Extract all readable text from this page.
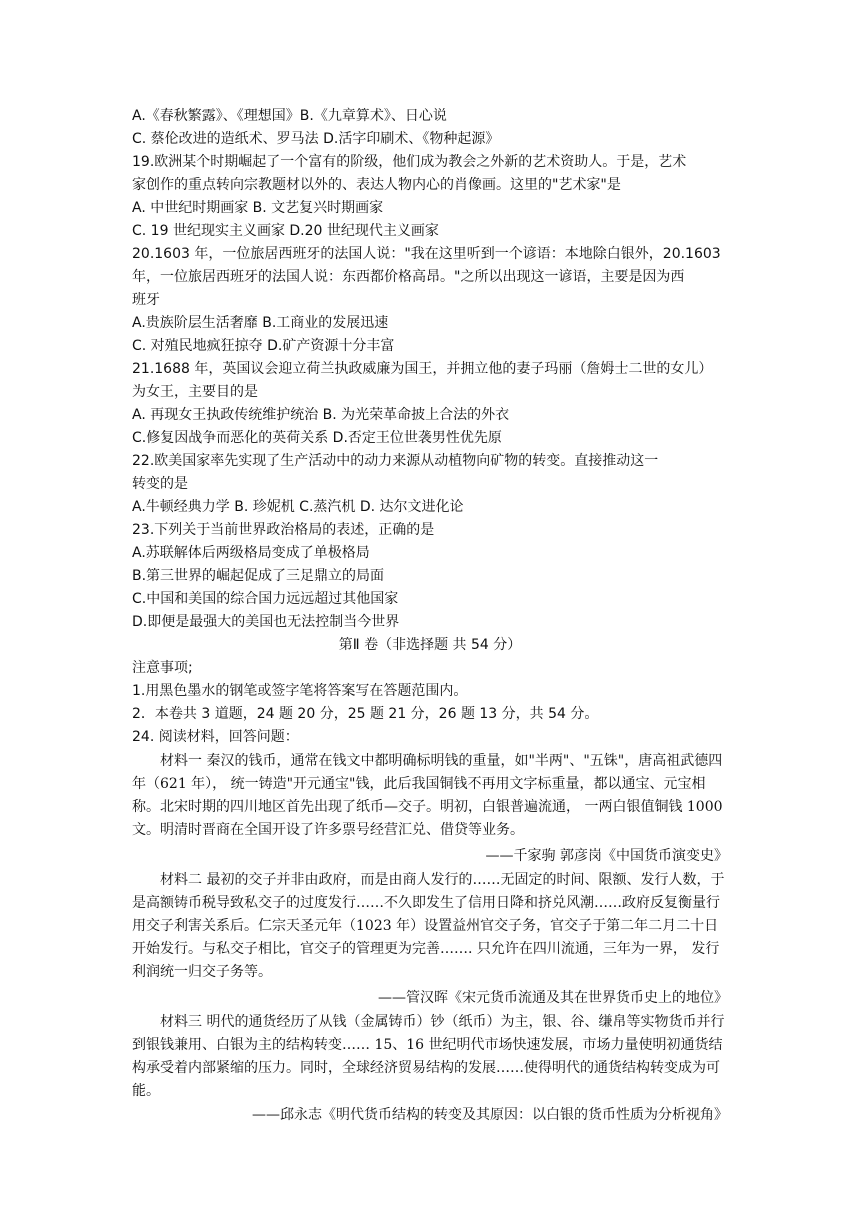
A.《春秋繁露》、《理想国》B.《九章算术》、日心说
C. 蔡伦改进的造纸术、罗马法 D.活字印刷术、《物种起源》
19.欧洲某个时期崛起了一个富有的阶级，他们成为教会之外新的艺术资助人。于是，艺术
家创作的重点转向宗教题材以外的、表达人物内心的肖像画。这里的"艺术家"是
A. 中世纪时期画家 B. 文艺复兴时期画家
C. 19 世纪现实主义画家 D.20 世纪现代主义画家
20.1603 年，一位旅居西班牙的法国人说："我在这里听到一个谚语：本地除白银外，20.1603
年，一位旅居西班牙的法国人说：东西都价格高昂。"之所以出现这一谚语，主要是因为西
班牙
A.贵族阶层生活奢靡 B.工商业的发展迅速
C. 对殖民地疯狂掠夺 D.矿产资源十分丰富
21.1688 年，英国议会迎立荷兰执政威廉为国王，并拥立他的妻子玛丽（詹姆士二世的女儿）
为女王，主要目的是
A. 再现女王执政传统维护统治 B. 为光荣革命披上合法的外衣
C.修复因战争而恶化的英荷关系 D.否定王位世袭男性优先原
22.欧美国家率先实现了生产活动中的动力来源从动植物向矿物的转变。直接推动这一
转变的是
A.牛顿经典力学 B. 珍妮机 C.蒸汽机 D. 达尔文进化论
23.下列关于当前世界政治格局的表述，正确的是
A.苏联解体后两级格局变成了单极格局
B.第三世界的崛起促成了三足鼎立的局面
C.中国和美国的综合国力远远超过其他国家
D.即便是最强大的美国也无法控制当今世界
第Ⅱ 卷（非选择题 共 54 分）
注意事项;
1.用黑色墨水的钢笔或签字笔将答案写在答题范围内。
2．本卷共 3 道题，24 题 20 分，25 题 21 分，26 题 13 分，共 54 分。
24. 阅读材料，回答问题：
材料一 秦汉的钱币，通常在钱文中都明确标明钱的重量，如"半两"、"五铢"，唐高祖武德四年（621 年）， 统一铸造"开元通宝"钱，此后我国铜钱不再用文字标重量，都以通宝、元宝相称。北宋时期的四川地区首先出现了纸币—交子。明初，白银普遍流通， 一两白银值铜钱 1000 文。明清时晋商在全国开设了许多票号经营汇兑、借贷等业务。
——千家驹 郭彦岗《中国货币演变史》
材料二 最初的交子并非由政府，而是由商人发行的……无固定的时间、限额、发行人数，于是高额铸币税导致私交子的过度发行……不久即发生了信用日降和挤兑风潮……政府反复衡量行用交子利害关系后。仁宗天圣元年（1023 年）设置益州官交子务，官交子于第二年二月二十日开始发行。与私交子相比，官交子的管理更为完善……. 只允许在四川流通，三年为一界， 发行利润统一归交子务等。
——管汉晖《宋元货币流通及其在世界货币史上的地位》
材料三 明代的通货经历了从钱（金属铸币）钞（纸币）为主，银、谷、缣帛等实物货币并行到银钱兼用、白银为主的结构转变…… 15、16 世纪明代市场快速发展，市场力量使明初通货结构承受着内部紧缩的压力。同时，全球经济贸易结构的发展……使得明代的通货结构转变成为可能。
——邱永志《明代货币结构的转变及其原因：以白银的货币性质为分析视角》
